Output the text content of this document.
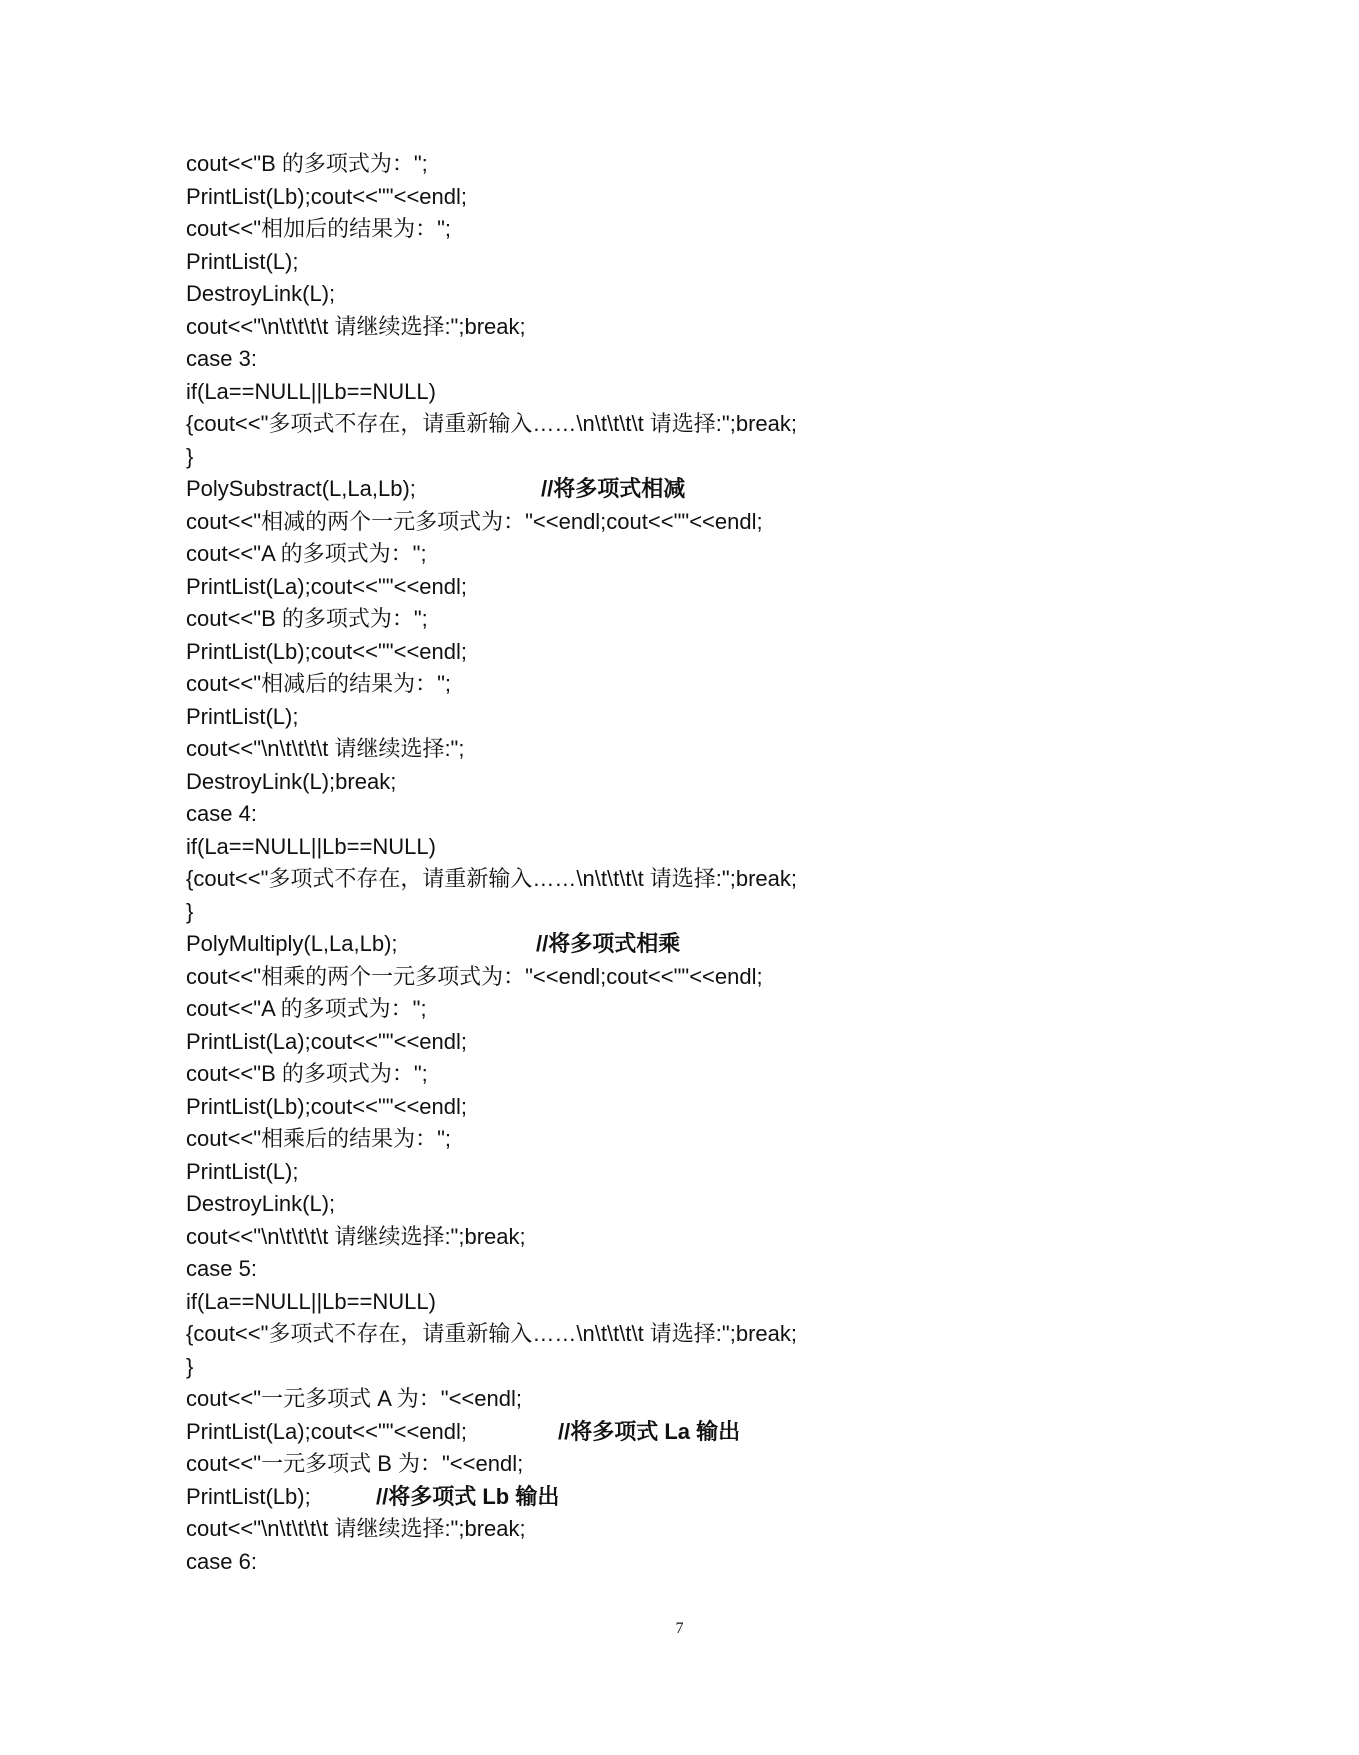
cout<<"B 的多项式为：";
PrintList(Lb);cout<<""<<endl;
cout<<"相加后的结果为：";
PrintList(L);
DestroyLink(L);
cout<<"\n\t\t\t\t 请继续选择:";break;
case 3:
if(La==NULL||Lb==NULL)
{cout<<"多项式不存在，请重新输入……\n\t\t\t\t 请选择:";break;
}
PolySubstract(L,La,Lb);	//将多项式相减
cout<<"相减的两个一元多项式为："<<endl;cout<<""<<endl;
cout<<"A 的多项式为：";
PrintList(La);cout<<""<<endl;
cout<<"B 的多项式为：";
PrintList(Lb);cout<<""<<endl;
cout<<"相减后的结果为：";
PrintList(L);
cout<<"\n\t\t\t\t 请继续选择:";
DestroyLink(L);break;
case 4:
if(La==NULL||Lb==NULL)
{cout<<"多项式不存在，请重新输入……\n\t\t\t\t 请选择:";break;
}
PolyMultiply(L,La,Lb);	//将多项式相乘
cout<<"相乘的两个一元多项式为："<<endl;cout<<""<<endl;
cout<<"A 的多项式为：";
PrintList(La);cout<<""<<endl;
cout<<"B 的多项式为：";
PrintList(Lb);cout<<""<<endl;
cout<<"相乘后的结果为：";
PrintList(L);
DestroyLink(L);
cout<<"\n\t\t\t\t 请继续选择:";break;
case 5:
if(La==NULL||Lb==NULL)
{cout<<"多项式不存在，请重新输入……\n\t\t\t\t 请选择:";break;
}
cout<<"一元多项式 A 为："<<endl;
PrintList(La);cout<<""<<endl;	//将多项式 La 输出
cout<<"一元多项式 B 为："<<endl;
PrintList(Lb);	//将多项式 Lb 输出
cout<<"\n\t\t\t\t 请继续选择:";break;
case 6:
7
